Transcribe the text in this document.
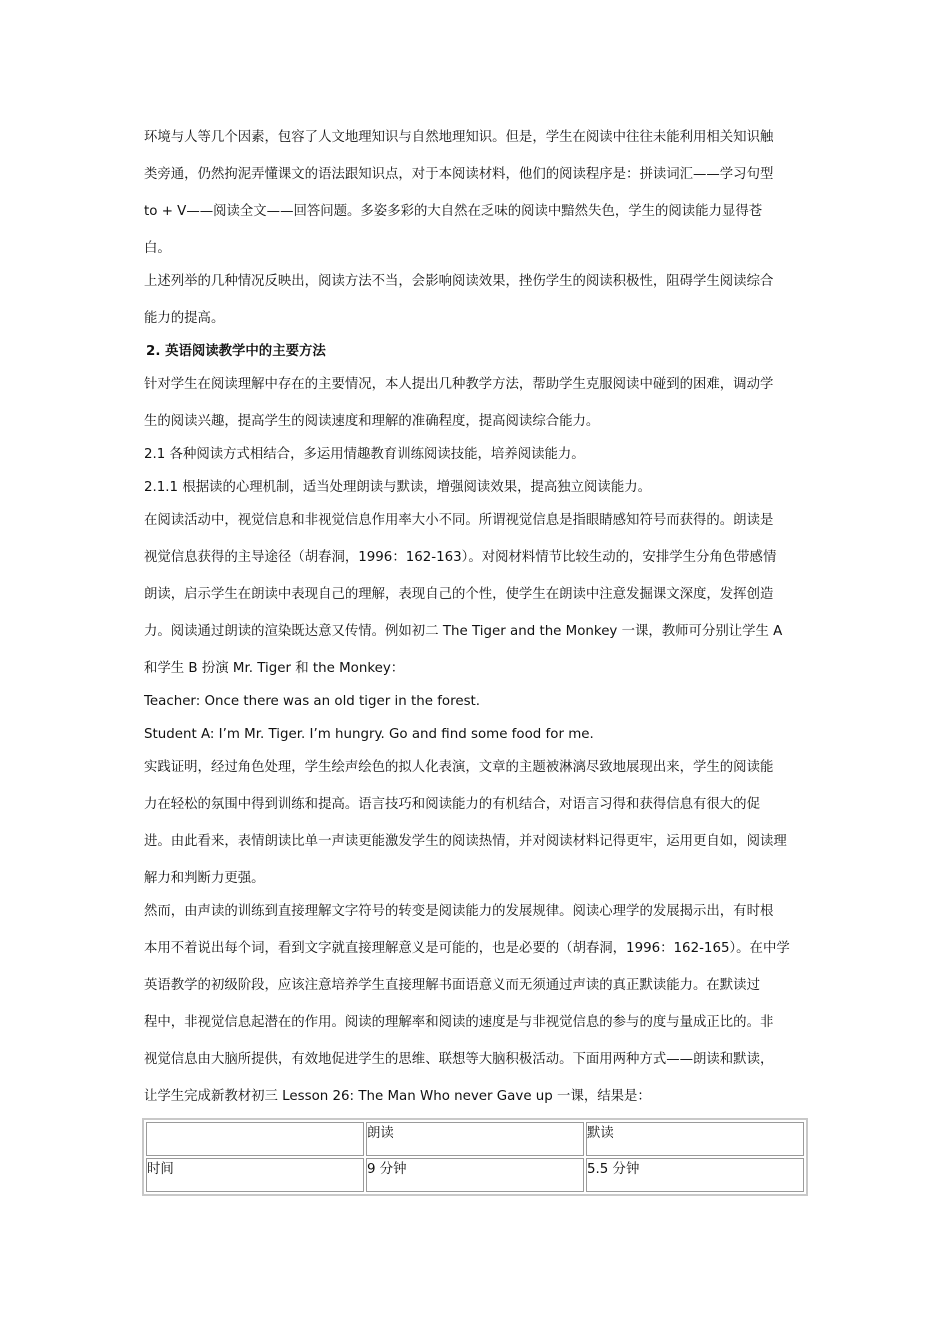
环境与人等几个因素，包容了人文地理知识与自然地理知识。但是，学生在阅读中往往未能利用相关知识触
类旁通，仍然拘泥弄懂课文的语法跟知识点，对于本阅读材料，他们的阅读程序是：拼读词汇——学习句型
to + V——阅读全文——回答问题。多姿多彩的大自然在乏味的阅读中黯然失色，学生的阅读能力显得苍
白。
上述列举的几种情况反映出，阅读方法不当，会影响阅读效果，挫伤学生的阅读积极性，阻碍学生阅读综合
能力的提高。
2. 英语阅读教学中的主要方法
针对学生在阅读理解中存在的主要情况，本人提出几种教学方法，帮助学生克服阅读中碰到的困难，调动学
生的阅读兴趣，提高学生的阅读速度和理解的准确程度，提高阅读综合能力。
2.1 各种阅读方式相结合，多运用情趣教育训练阅读技能，培养阅读能力。
2.1.1 根据读的心理机制，适当处理朗读与默读，增强阅读效果，提高独立阅读能力。
在阅读活动中，视觉信息和非视觉信息作用率大小不同。所谓视觉信息是指眼睛感知符号而获得的。朗读是
视觉信息获得的主导途径（胡春洞，1996：162-163）。对阅材料情节比较生动的，安排学生分角色带感情
朗读，启示学生在朗读中表现自己的理解，表现自己的个性，使学生在朗读中注意发掘课文深度，发挥创造
力。阅读通过朗读的渲染既达意又传情。例如初二 The Tiger and the Monkey 一课，教师可分别让学生 A
和学生 B 扮演 Mr. Tiger 和 the Monkey：
Teacher: Once there was an old tiger in the forest.
Student A: I’m Mr. Tiger. I’m hungry. Go and find some food for me.
实践证明，经过角色处理，学生绘声绘色的拟人化表演，文章的主题被淋漓尽致地展现出来，学生的阅读能
力在轻松的氛围中得到训练和提高。语言技巧和阅读能力的有机结合，对语言习得和获得信息有很大的促
进。由此看来，表情朗读比单一声读更能激发学生的阅读热情，并对阅读材料记得更牢，运用更自如，阅读理
解力和判断力更强。
然而，由声读的训练到直接理解文字符号的转变是阅读能力的发展规律。阅读心理学的发展揭示出，有时根
本用不着说出每个词，看到文字就直接理解意义是可能的，也是必要的（胡春洞，1996：162-165）。在中学
英语教学的初级阶段，应该注意培养学生直接理解书面语意义而无须通过声读的真正默读能力。在默读过
程中，非视觉信息起潜在的作用。阅读的理解率和阅读的速度是与非视觉信息的参与的度与量成正比的。非
视觉信息由大脑所提供，有效地促进学生的思维、联想等大脑积极活动。下面用两种方式——朗读和默读，
让学生完成新教材初三 Lesson 26: The Man Who never Gave up 一课，结果是：
	朗读	默读
时间	9 分钟	5.5 分钟
